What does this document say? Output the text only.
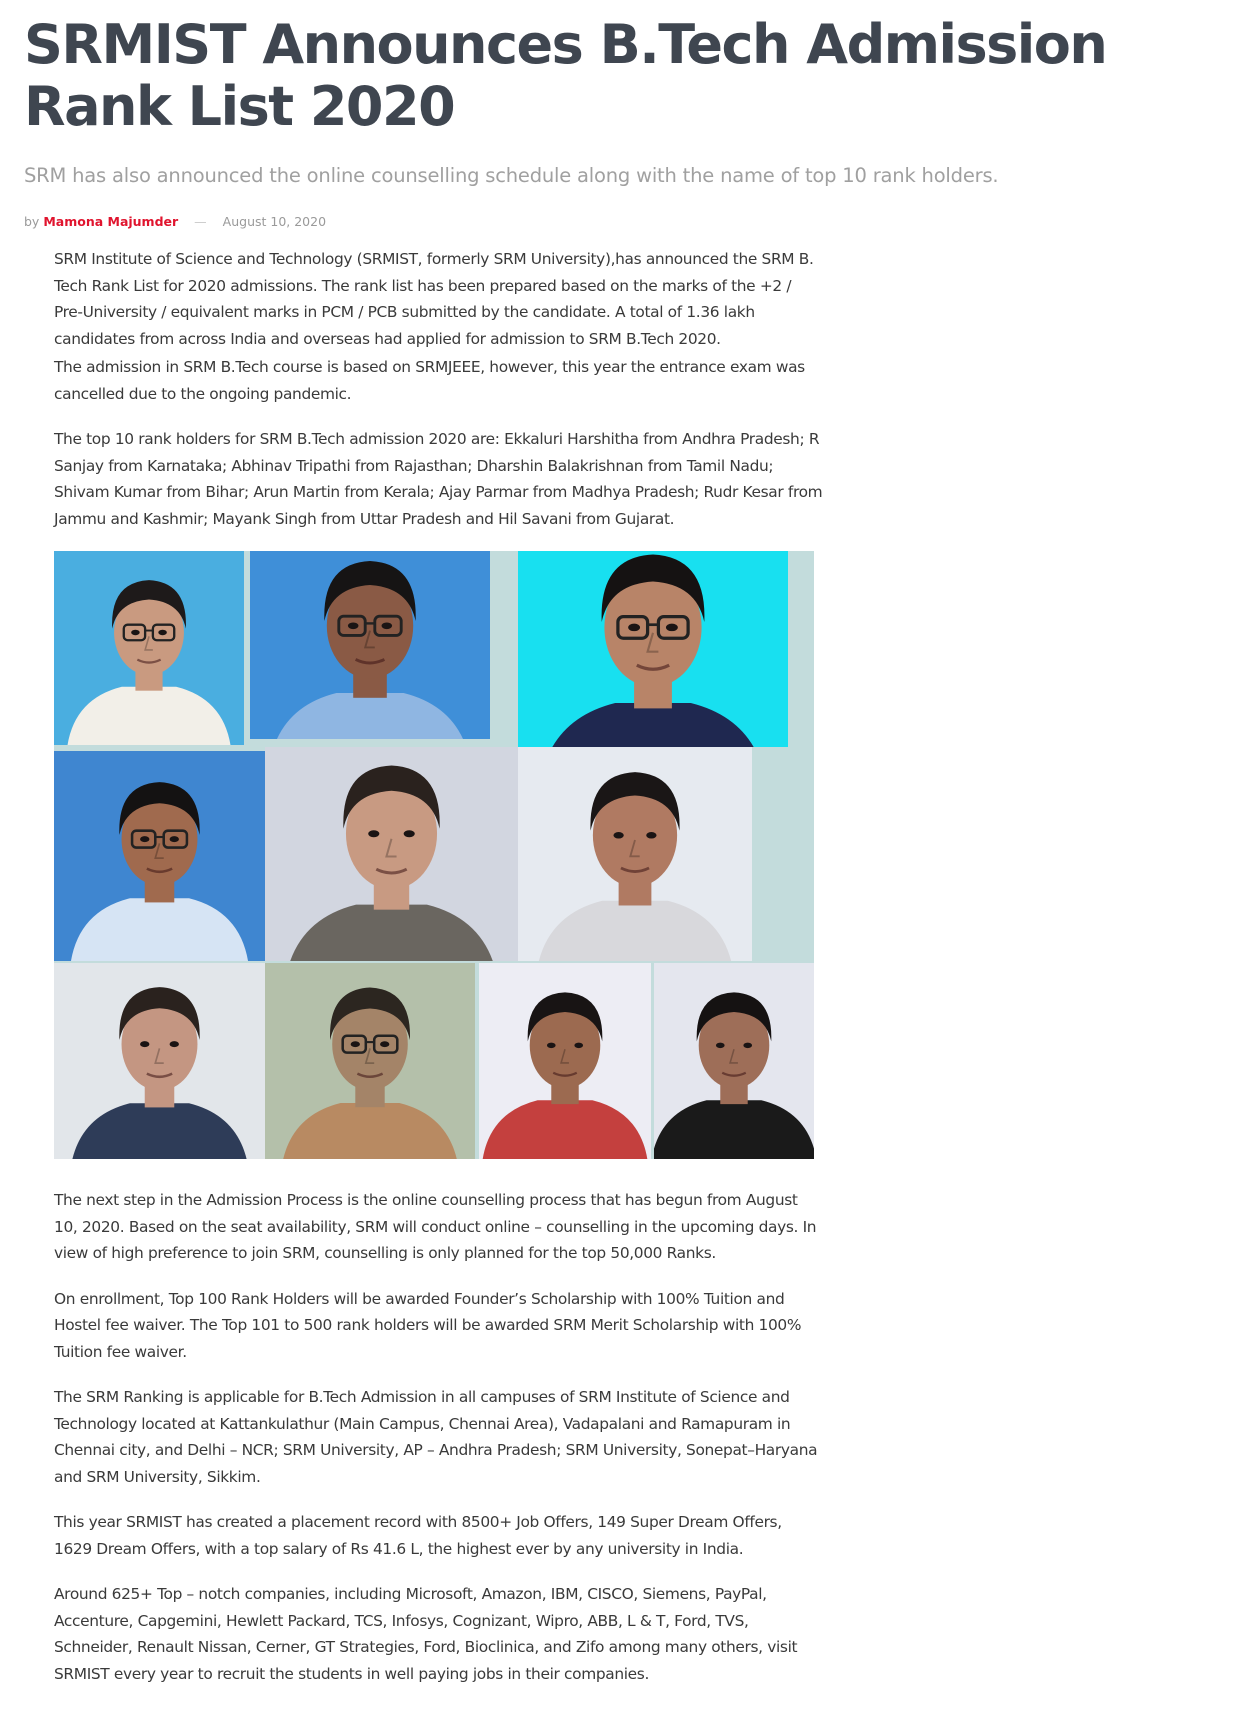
SRMIST Announces B.Tech Admission Rank List 2020

SRM has also announced the online counselling schedule along with the name of top 10 rank holders.

by Mamona Majumder — August 10, 2020

SRM Institute of Science and Technology (SRMIST, formerly SRM University),has announced the SRM B. Tech Rank List for 2020 admissions. The rank list has been prepared based on the marks of the +2 / Pre-University / equivalent marks in PCM / PCB submitted by the candidate. A total of 1.36 lakh candidates from across India and overseas had applied for admission to SRM B.Tech 2020.

The admission in SRM B.Tech course is based on SRMJEEE, however, this year the entrance exam was cancelled due to the ongoing pandemic.

The top 10 rank holders for SRM B.Tech admission 2020 are: Ekkaluri Harshitha from Andhra Pradesh; R Sanjay from Karnataka; Abhinav Tripathi from Rajasthan; Dharshin Balakrishnan from Tamil Nadu; Shivam Kumar from Bihar; Arun Martin from Kerala; Ajay Parmar from Madhya Pradesh; Rudr Kesar from Jammu and Kashmir; Mayank Singh from Uttar Pradesh and Hil Savani from Gujarat.

The next step in the Admission Process is the online counselling process that has begun from August 10, 2020. Based on the seat availability, SRM will conduct online – counselling in the upcoming days. In view of high preference to join SRM, counselling is only planned for the top 50,000 Ranks.

On enrollment, Top 100 Rank Holders will be awarded Founder’s Scholarship with 100% Tuition and Hostel fee waiver. The Top 101 to 500 rank holders will be awarded SRM Merit Scholarship with 100% Tuition fee waiver.

The SRM Ranking is applicable for B.Tech Admission in all campuses of SRM Institute of Science and Technology located at Kattankulathur (Main Campus, Chennai Area), Vadapalani and Ramapuram in Chennai city, and Delhi – NCR; SRM University, AP – Andhra Pradesh; SRM University, Sonepat–Haryana and SRM University, Sikkim.

This year SRMIST has created a placement record with 8500+ Job Offers, 149 Super Dream Offers, 1629 Dream Offers, with a top salary of Rs 41.6 L, the highest ever by any university in India.

Around 625+ Top – notch companies, including Microsoft, Amazon, IBM, CISCO, Siemens, PayPal, Accenture, Capgemini, Hewlett Packard, TCS, Infosys, Cognizant, Wipro, ABB, L & T, Ford, TVS, Schneider, Renault Nissan, Cerner, GT Strategies, Ford, Bioclinica, and Zifo among many others, visit SRMIST every year to recruit the students in well paying jobs in their companies.
